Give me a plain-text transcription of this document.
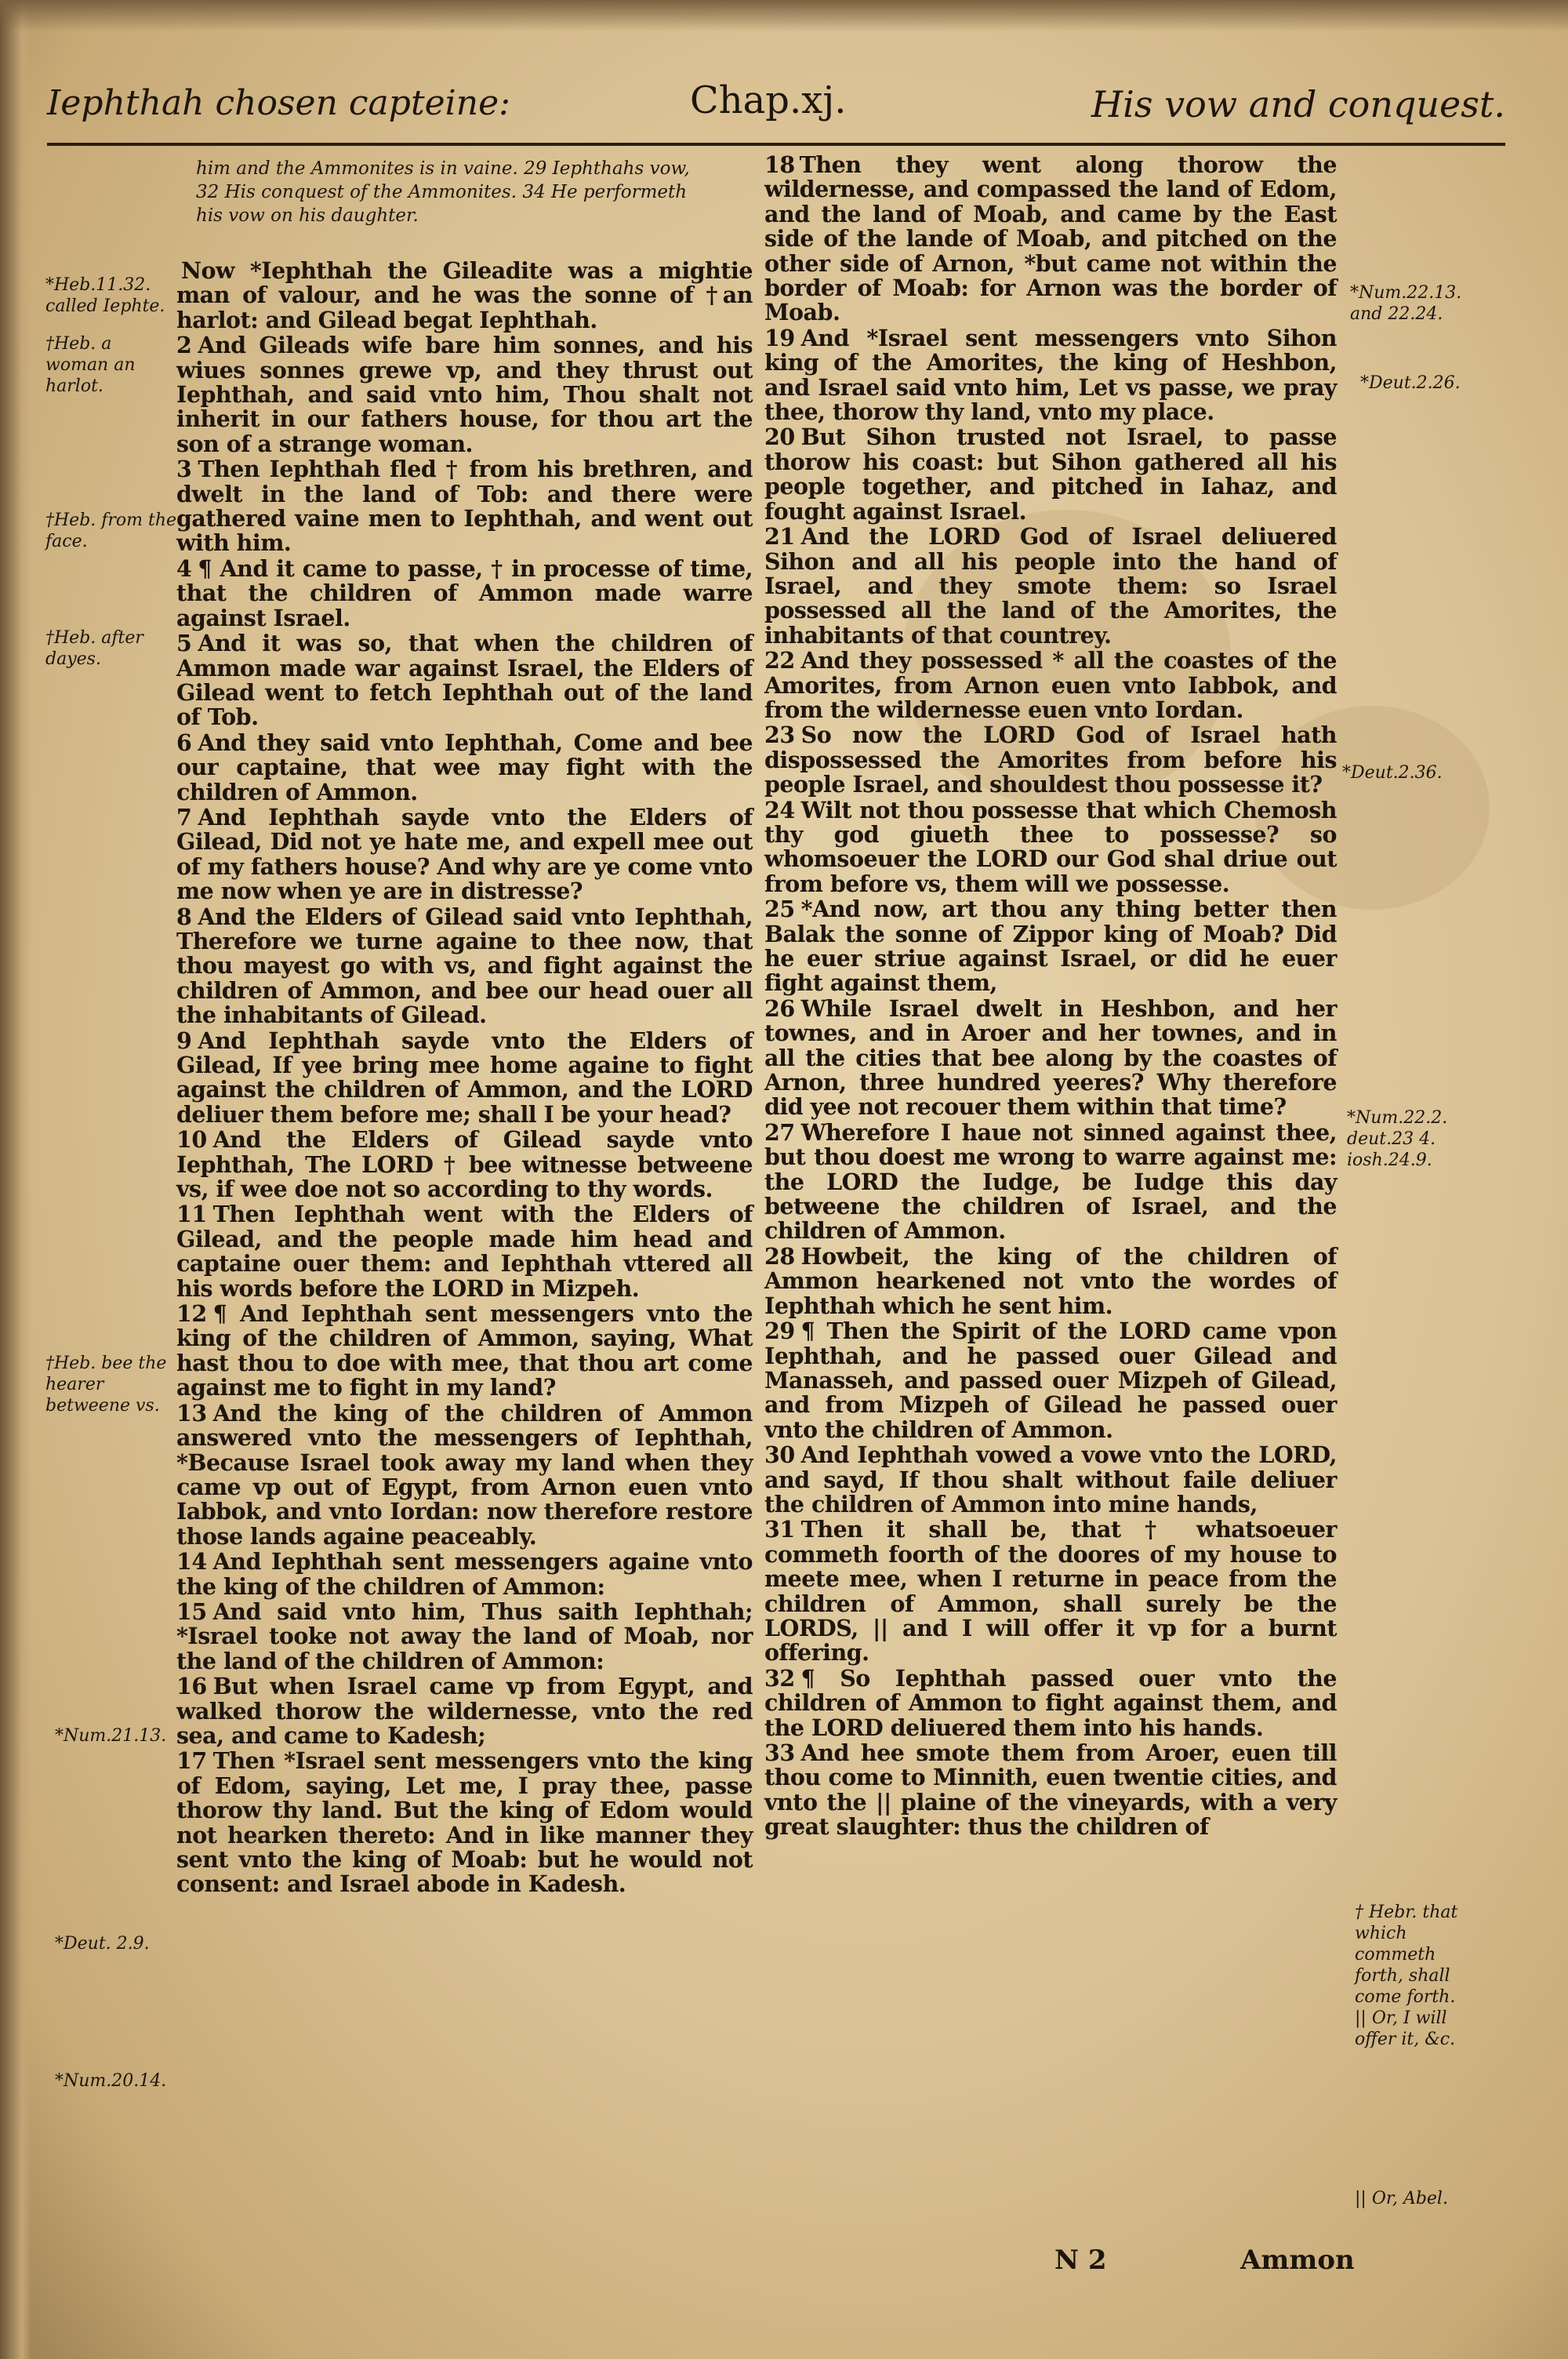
Iephthah chosen capteine:	Chap.xj.	His vow and conquest.
him and the Ammonites is in vaine. 29 Iephthahs vow,
32 His conquest of the Ammonites. 34 He performeth
his vow on his daughter.
Now *Iephthah the Gileadite was a mightie man of valour, and he was the sonne of †an harlot: and Gilead begat Iephthah.
2 And Gileads wife bare him sonnes, and his wiues sonnes grewe vp, and they thrust out Iephthah, and said vnto him, Thou shalt not inherit in our fathers house, for thou art the son of a strange woman.
3 Then Iephthah fled † from his brethren, and dwelt in the land of Tob: and there were gathered vaine men to Iephthah, and went out with him.
4 ¶ And it came to passe, † in processe of time, that the children of Ammon made warre against Israel.
5 And it was so, that when the children of Ammon made war against Israel, the Elders of Gilead went to fetch Iephthah out of the land of Tob.
6 And they said vnto Iephthah, Come and bee our captaine, that wee may fight with the children of Ammon.
7 And Iephthah sayde vnto the Elders of Gilead, Did not ye hate me, and expell mee out of my fathers house? And why are ye come vnto me now when ye are in distresse?
8 And the Elders of Gilead said vnto Iephthah, Therefore we turne againe to thee now, that thou mayest go with vs, and fight against the children of Ammon, and bee our head ouer all the inhabitants of Gilead.
9 And Iephthah sayde vnto the Elders of Gilead, If yee bring mee home againe to fight against the children of Ammon, and the LORD deliuer them before me; shall I be your head?
10 And the Elders of Gilead sayde vnto Iephthah, The LORD † bee witnesse betweene vs, if wee doe not so according to thy words.
11 Then Iephthah went with the Elders of Gilead, and the people made him head and captaine ouer them: and Iephthah vttered all his words before the LORD in Mizpeh.
12 ¶ And Iephthah sent messengers vnto the king of the children of Ammon, saying, What hast thou to doe with mee, that thou art come against me to fight in my land?
13 And the king of the children of Ammon answered vnto the messengers of Iephthah, *Because Israel took away my land when they came vp out of Egypt, from Arnon euen vnto Iabbok, and vnto Iordan: now therefore restore those lands againe peaceably.
14 And Iephthah sent messengers againe vnto the king of the children of Ammon:
15 And said vnto him, Thus saith Iephthah; *Israel tooke not away the land of Moab, nor the land of the children of Ammon:
16 But when Israel came vp from Egypt, and walked thorow the wildernesse, vnto the red sea, and came to Kadesh;
17 Then *Israel sent messengers vnto the king of Edom, saying, Let me, I pray thee, passe thorow thy land. But the king of Edom would not hearken thereto: And in like manner they sent vnto the king of Moab: but he would not consent: and Israel abode in Kadesh.
18 Then they went along thorow the wildernesse, and compassed the land of Edom, and the land of Moab, and came by the East side of the lande of Moab, and pitched on the other side of Arnon, *but came not within the border of Moab: for Arnon was the border of Moab.
19 And *Israel sent messengers vnto Sihon king of the Amorites, the king of Heshbon, and Israel said vnto him, Let vs passe, we pray thee, thorow thy land, vnto my place.
20 But Sihon trusted not Israel, to passe thorow his coast: but Sihon gathered all his people together, and pitched in Iahaz, and fought against Israel.
21 And the LORD God of Israel deliuered Sihon and all his people into the hand of Israel, and they smote them: so Israel possessed all the land of the Amorites, the inhabitants of that countrey.
22 And they possessed * all the coastes of the Amorites, from Arnon euen vnto Iabbok, and from the wildernesse euen vnto Iordan.
23 So now the LORD God of Israel hath dispossessed the Amorites from before his people Israel, and shouldest thou possesse it?
24 Wilt not thou possesse that which Chemosh thy god giueth thee to possesse? so whomsoeuer the LORD our God shal driue out from before vs, them will we possesse.
25 *And now, art thou any thing better then Balak the sonne of Zippor king of Moab? Did he euer striue against Israel, or did he euer fight against them,
26 While Israel dwelt in Heshbon, and her townes, and in Aroer and her townes, and in all the cities that bee along by the coastes of Arnon, three hundred yeeres? Why therefore did yee not recouer them within that time?
27 Wherefore I haue not sinned against thee, but thou doest me wrong to warre against me: the LORD the Iudge, be Iudge this day betweene the children of Israel, and the children of Ammon.
28 Howbeit, the king of the children of Ammon hearkened not vnto the wordes of Iephthah which he sent him.
29 ¶ Then the Spirit of the LORD came vpon Iephthah, and he passed ouer Gilead and Manasseh, and passed ouer Mizpeh of Gilead, and from Mizpeh of Gilead he passed ouer vnto the children of Ammon.
30 And Iephthah vowed a vowe vnto the LORD, and sayd, If thou shalt without faile deliuer the children of Ammon into mine hands,
31 Then it shall be, that † whatsoeuer commeth foorth of the doores of my house to meete mee, when I returne in peace from the children of Ammon, shall surely be the LORDS, || and I will offer it vp for a burnt offering.
32 ¶ So Iephthah passed ouer vnto the children of Ammon to fight against them, and the LORD deliuered them into his hands.
33 And hee smote them from Aroer, euen till thou come to Minnith, euen twentie cities, and vnto the || plaine of the vineyards, with a very great slaughter: thus the children of
*Heb.11.32. called Iephte.
†Heb. a woman an harlot.
†Heb. from the face.
†Heb. after dayes.
†Heb. bee the hearer betweene vs.
*Num.21.13.
*Deut. 2.9.
*Num.20.14.
*Num.22.13. and 22.24.
*Deut.2.26.
*Deut.2.36.
*Num.22.2. deut.23 4. iosh.24.9.
† Hebr. that which commeth forth, shall come forth.
|| Or, I will offer it, &c.
|| Or, Abel.
N 2	Ammon
